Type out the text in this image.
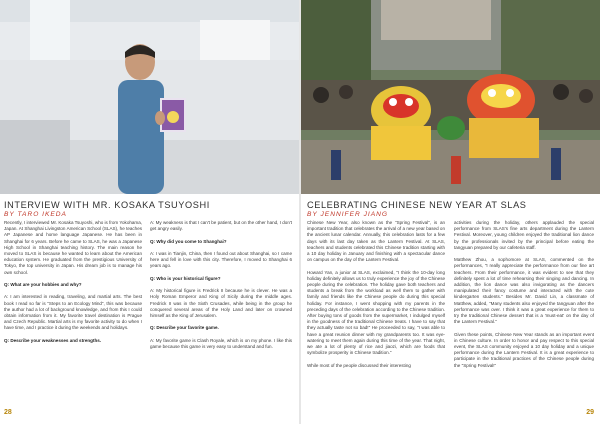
INTERVIEW WITH MR. KOSAKA TSUYOSHI
BY TARO IKEDA

Recently, I interviewed Mr. Kosaka Tsuyoshi, who is from Yokohama, Japan. At Shanghai Livingston American School (SLAS), he teaches AP Japanese and home language Japanese. He has been in Shanghai for 6 years. Before he came to SLAS, he was a Japanese High School in Shanghai teaching history. The main reason he moved to SLAS is because he wanted to learn about the American education system. He graduated from the prestigious University of Tokyo, the top university in Japan. His dream job is to manage his own school.

Q: What are your hobbies and why?

A: I am interested in reading, traveling, and martial arts. The best book I read so far is "Steps to an Ecology Mind", this was because the author had a lot of background knowledge, and from this I could obtain information from it. My favorite travel destination is Prague and Czech Republic. Martial arts is my favorite activity to do when I have time, and I practice it during the weekends and holidays.

Q: Describe your weaknesses and strengths.

A: My weakness is that I can't be patient, but on the other hand, I don't get angry easily.

Q: Why did you come to Shanghai?

A: I was in Tianjin, China, then I found out about Shanghai, so I came here and fell in love with this city. Therefore, I moved to Shanghai 6 years ago.

Q: Who is your historical figure?

A: My historical figure is Fredrick II because he is clever. He was a Holy Roman Emperor and King of Sicily during the middle ages. Fredrick II was in the Sixth Crusades, while being in the group he conquered several areas of the Holy Land and later on crowned himself as the King of Jerusalem.

Q: Describe your favorite game.

A: My favorite game is Clash Royale, which is on my phone. I like this game because this game is very easy to understand and fun.

28
CELEBRATING CHINESE NEW YEAR AT SLAS
BY JENNIFER JIANG

Chinese New Year, also known as the "Spring Festival", is an important tradition that celebrates the arrival of a new year based on the ancient lunar calendar. Annually, this celebration lasts for a few days with its last day taken as the Lantern Festival. At SLAS, teachers and students celebrated this Chinese tradition starting with a 10 day holiday in January and finishing with a spectacular dance on campus on the day of the Lantern Festival.

Howard Yan, a junior at SLAS, exclaimed, "I think the 10-day long holiday definitely allows us to truly experience the joy of the Chinese people during the celebration. The holiday gave both teachers and students a break from the workload as well them to gather with family and friends like the Chinese people do during this special holiday. For instance, I went shopping with my parents in the preceding days of the celebration according to the Chinese tradition. After buying tons of goods from the supermarket, I indulged myself in the goodness of the traditional Chinese treats. I have to say that they actually taste not so bad!" He proceeded to say, "I was able to have a great reunion dinner with my grandparents too. It was eye-watering to meet them again during this time of the year. That night, we ate a lot of plenty of rice and jiaozi, which are foods that symbolize prosperity in Chinese tradition."

While most of the people discussed their interesting

activities during the holiday, others applauded the special performance from SLAS's fine arts department during the Lantern Festival. Moreover, young children enjoyed the traditional lion dance by the professionals invited by the principal before eating the tangyuan prepared by our cafeteria staff.

Matthew Zhou, a sophomore at SLAS, commented on the performances, "I really appreciate the performance from our fine art teachers. From their performance, it was evident to see that they definitely spent a lot of time rehearsing their singing and dancing. In addition, the lion dance was also invigorating as the dancers manipulated their fancy costume and interacted with the cute kindergarten students." Besides Mr. David Lin, a classmate of Matthew, added, "Many students also enjoyed the tangyuan after the performance was over. I think it was a great experience for them to try the traditional Chinese dessert that is a 'must-eat' on the day of the Lantern Festival."

Given these points, Chinese New Year stands as an important event in Chinese culture. In order to honor and pay respect to this special event, the SLAS community enjoyed a 10 day holiday and a unique performance during the Lantern Festival. It is a great experience to participate in the traditional practices of the Chinese people during the "Spring Festival!"

29
